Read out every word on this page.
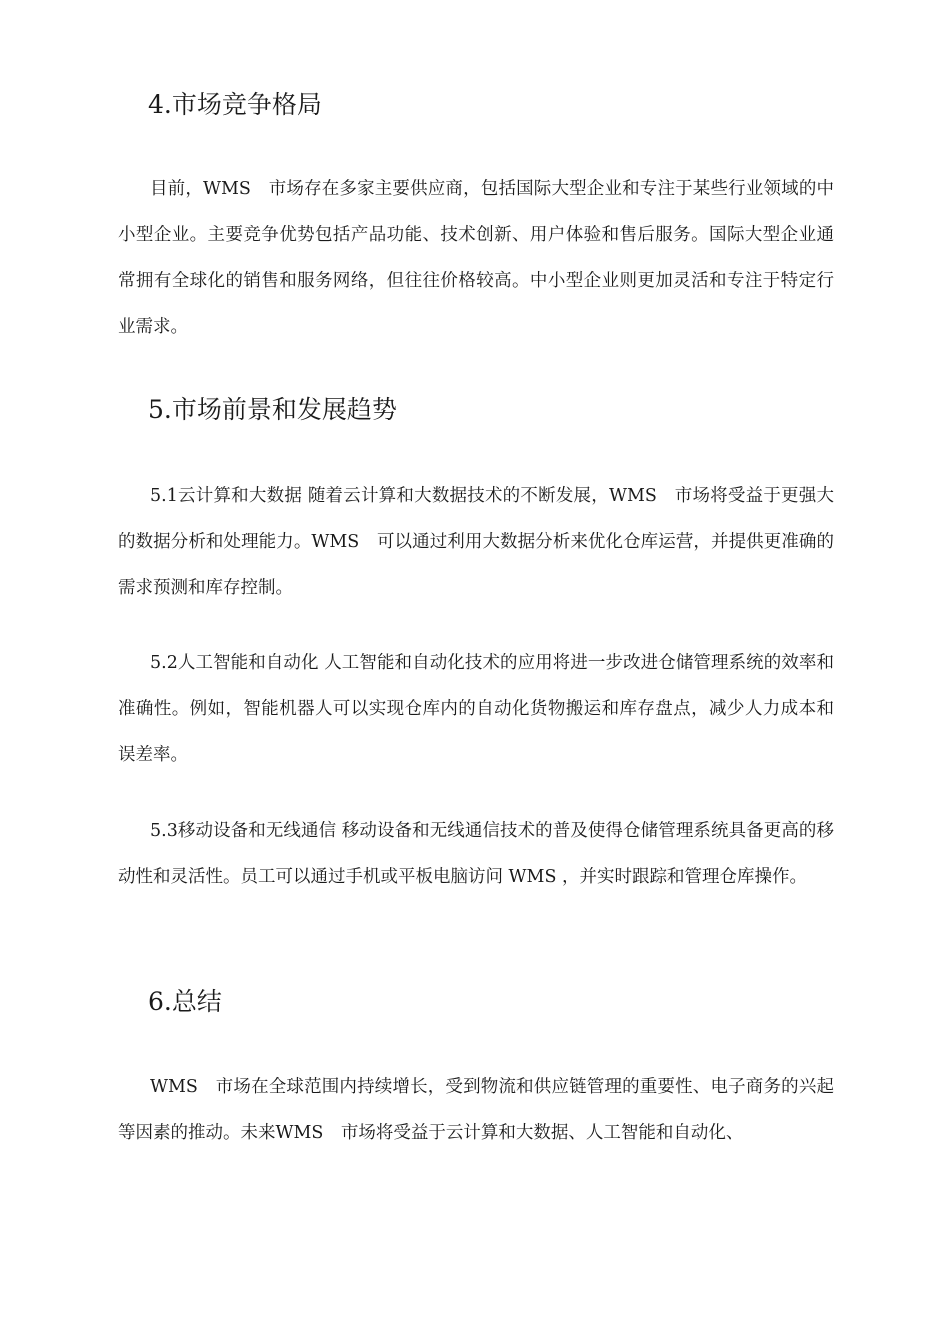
4.市场竞争格局

目前，WMS　市场存在多家主要供应商，包括国际大型企业和专注于某些行业领域的中小型企业。主要竞争优势包括产品功能、技术创新、用户体验和售后服务。国际大型企业通常拥有全球化的销售和服务网络，但往往价格较高。中小型企业则更加灵活和专注于特定行业需求。

5.市场前景和发展趋势

5.1云计算和大数据 随着云计算和大数据技术的不断发展，WMS　市场将受益于更强大的数据分析和处理能力。WMS　可以通过利用大数据分析来优化仓库运营，并提供更准确的需求预测和库存控制。

5.2人工智能和自动化 人工智能和自动化技术的应用将进一步改进仓储管理系统的效率和准确性。例如，智能机器人可以实现仓库内的自动化货物搬运和库存盘点，减少人力成本和误差率。

5.3移动设备和无线通信 移动设备和无线通信技术的普及使得仓储管理系统具备更高的移动性和灵活性。员工可以通过手机或平板电脑访问 WMS ，并实时跟踪和管理仓库操作。

6.总结

WMS　市场在全球范围内持续增长，受到物流和供应链管理的重要性、电子商务的兴起等因素的推动。未来WMS　市场将受益于云计算和大数据、人工智能和自动化、
